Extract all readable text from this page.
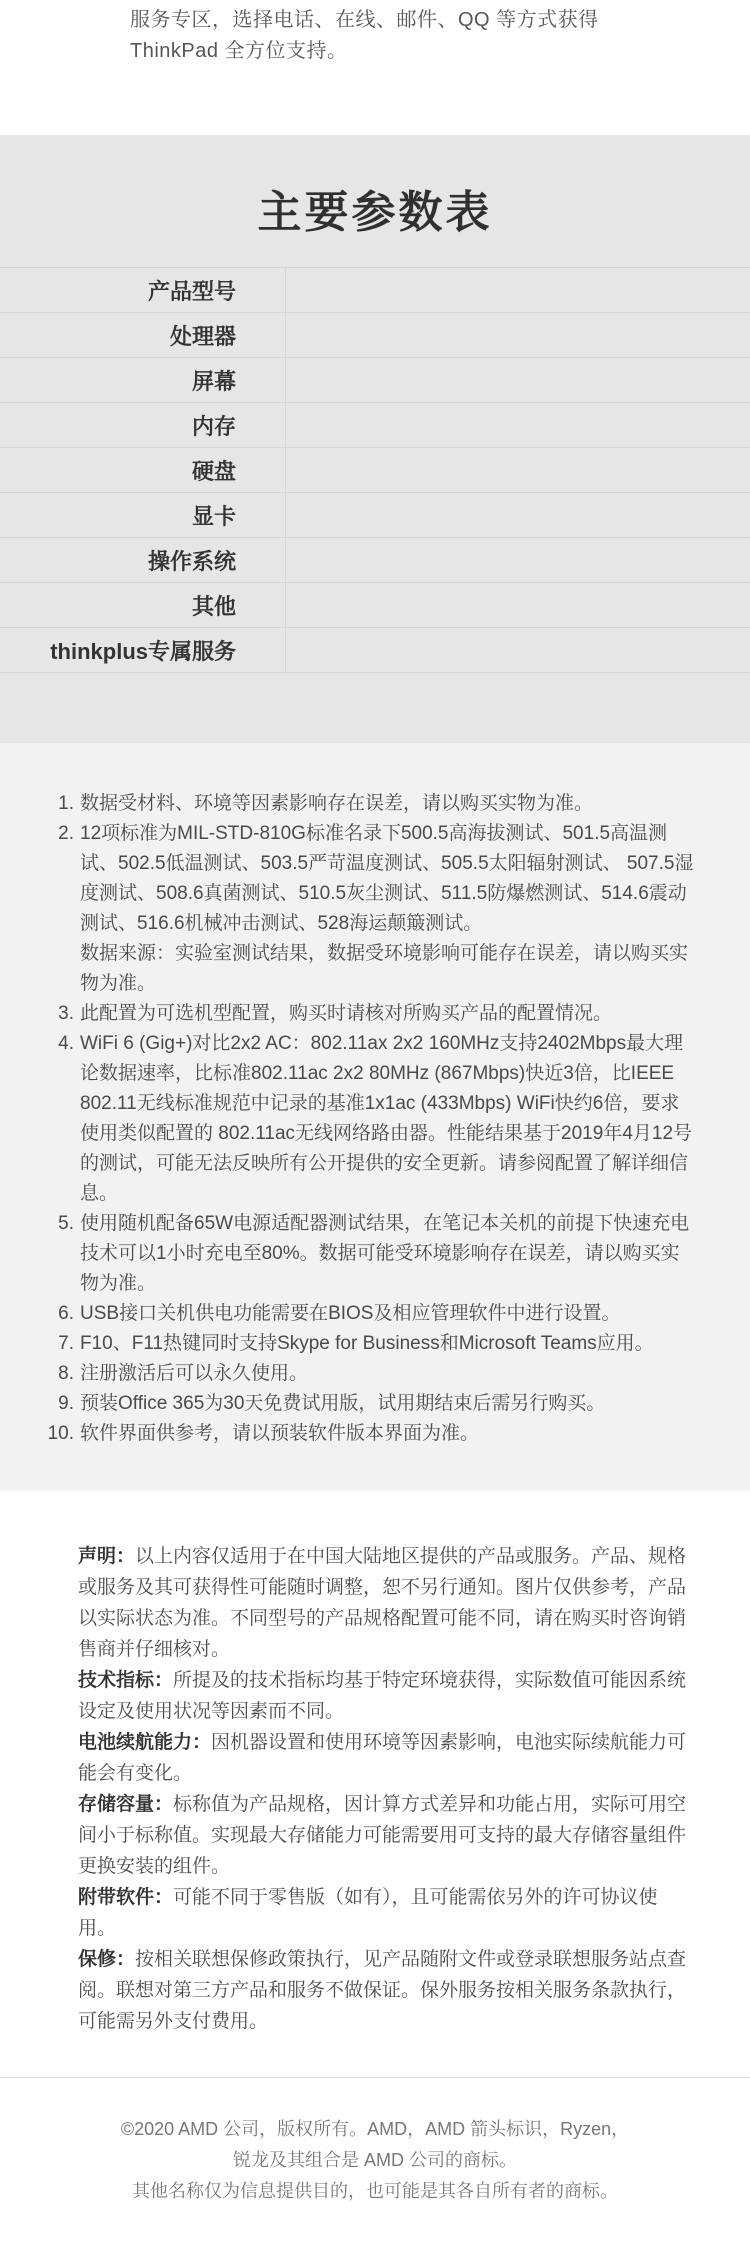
服务专区，选择电话、在线、邮件、QQ 等方式获得
ThinkPad 全方位支持。
主要参数表
产品型号
处理器
屏幕
内存
硬盘
显卡
操作系统
其他
thinkplus专属服务
1. 数据受材料、环境等因素影响存在误差，请以购买实物为准。

2. 12项标准为MIL-STD-810G标准名录下500.5高海拔测试、501.5高温测试、502.5低温测试、503.5严苛温度测试、505.5太阳辐射测试、 507.5湿度测试、508.6真菌测试、510.5灰尘测试、511.5防爆燃测试、514.6震动测试、516.6机械冲击测试、528海运颠簸测试。

数据来源：实验室测试结果，数据受环境影响可能存在误差，请以购买实物为准。

3. 此配置为可选机型配置，购买时请核对所购买产品的配置情况。

4. WiFi 6 (Gig+)对比2x2 AC：802.11ax 2x2 160MHz支持2402Mbps最大理论数据速率，比标准802.11ac 2x2 80MHz (867Mbps)快近3倍，比IEEE 802.11无线标准规范中记录的基准1x1ac (433Mbps) WiFi快约6倍，要求使用类似配置的 802.11ac无线网络路由器。性能结果基于2019年4月12号的测试，可能无法反映所有公开提供的安全更新。请参阅配置了解详细信息。

5. 使用随机配备65W电源适配器测试结果，在笔记本关机的前提下快速充电技术可以1小时充电至80%。数据可能受环境影响存在误差，请以购买实物为准。

6. USB接口关机供电功能需要在BIOS及相应管理软件中进行设置。

7. F10、F11热键同时支持Skype for Business和Microsoft Teams应用。

8. 注册激活后可以永久使用。

9. 预装Office 365为30天免费试用版，试用期结束后需另行购买。

10. 软件界面供参考，请以预装软件版本界面为准。

声明：以上内容仅适用于在中国大陆地区提供的产品或服务。产品、规格或服务及其可获得性可能随时调整，恕不另行通知。图片仅供参考，产品以实际状态为准。不同型号的产品规格配置可能不同，请在购买时咨询销售商并仔细核对。

技术指标：所提及的技术指标均基于特定环境获得，实际数值可能因系统设定及使用状况等因素而不同。

电池续航能力：因机器设置和使用环境等因素影响，电池实际续航能力可能会有变化。

存储容量：标称值为产品规格，因计算方式差异和功能占用，实际可用空间小于标称值。实现最大存储能力可能需要用可支持的最大存储容量组件更换安装的组件。

附带软件：可能不同于零售版（如有），且可能需依另外的许可协议使用。

保修：按相关联想保修政策执行，见产品随附文件或登录联想服务站点查阅。联想对第三方产品和服务不做保证。保外服务按相关服务条款执行，可能需另外支付费用。

©2020 AMD 公司，版权所有。AMD，AMD 箭头标识，Ryzen，
锐龙及其组合是 AMD 公司的商标。
其他名称仅为信息提供目的，也可能是其各自所有者的商标。
